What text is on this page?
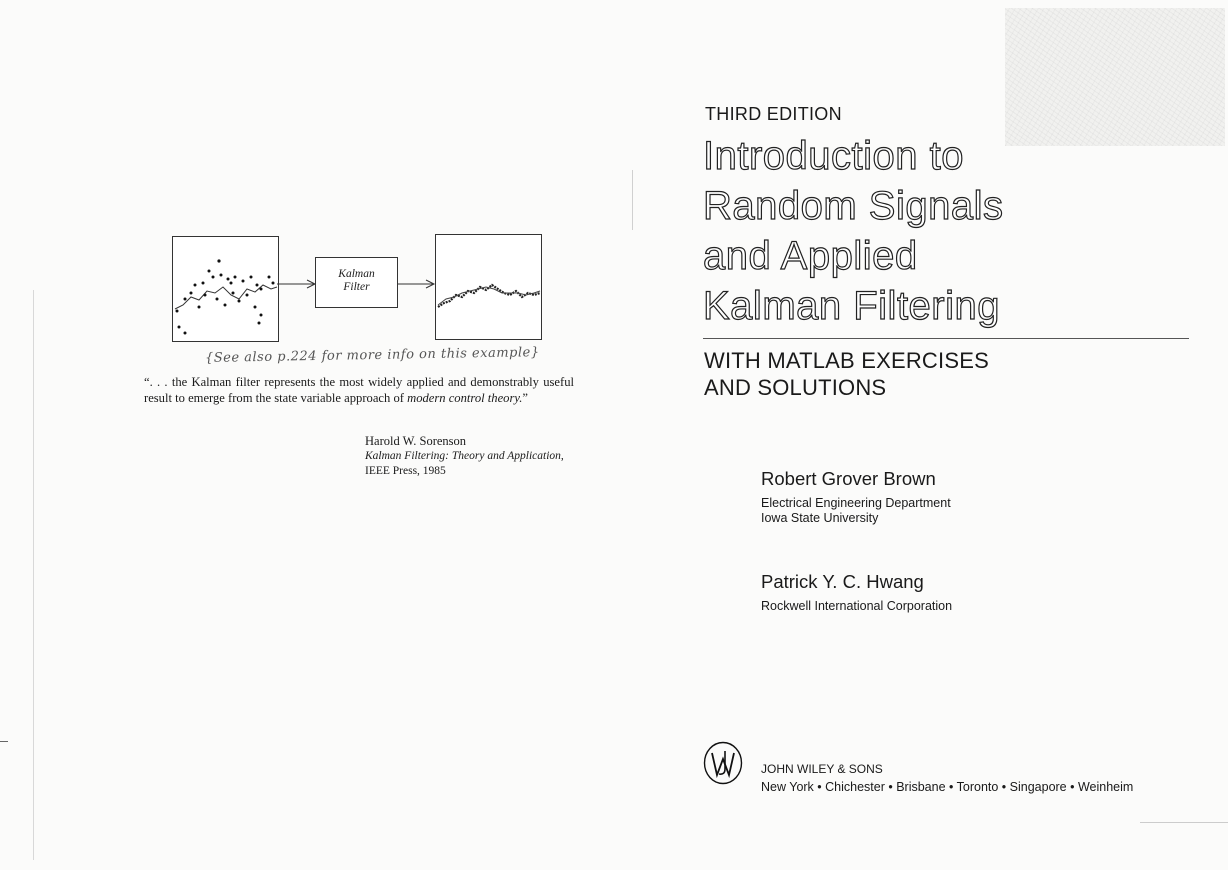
Kalman
Filter
{See also p.224 for more info on this example}
“. . . the Kalman filter represents the most widely applied and demonstrably useful result to emerge from the state variable approach of modern control theory.”
Harold W. Sorenson
Kalman Filtering: Theory and Application,
IEEE Press, 1985
THIRD EDITION
Introduction to
Random Signals
and Applied
Kalman Filtering
WITH MATLAB EXERCISES
AND SOLUTIONS
Robert Grover Brown
Electrical Engineering Department
Iowa State University
Patrick Y. C. Hwang
Rockwell International Corporation
JOHN WILEY & SONS
New York • Chichester • Brisbane • Toronto • Singapore • Weinheim
